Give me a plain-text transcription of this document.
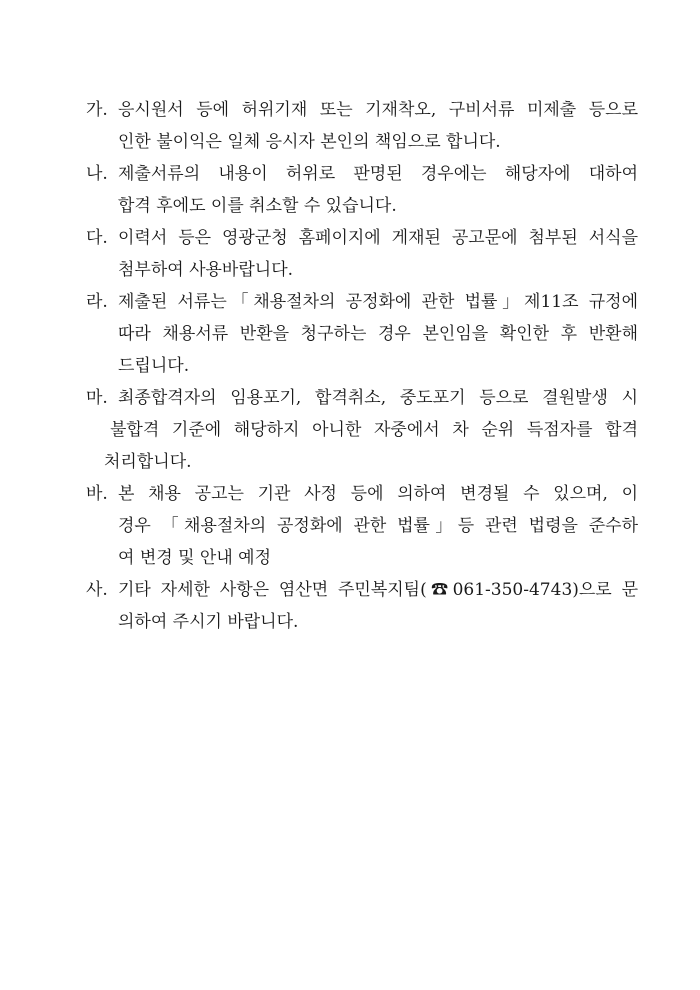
가. 응시원서 등에 허위기재 또는 기재착오, 구비서류 미제출 등으로
인한 불이익은 일체 응시자 본인의 책임으로 합니다.
나. 제출서류의 내용이 허위로 판명된 경우에는 해당자에 대하여
합격 후에도 이를 취소할 수 있습니다.
다. 이력서 등은 영광군청 홈페이지에 게재된 공고문에 첨부된 서식을
첨부하여 사용바랍니다.
라. 제출된 서류는「채용절차의 공정화에 관한 법률」제11조 규정에
따라 채용서류 반환을 청구하는 경우 본인임을 확인한 후 반환해
드립니다.
마. 최종합격자의 임용포기, 합격취소, 중도포기 등으로 결원발생 시
불합격 기준에 해당하지 아니한 자중에서 차 순위 득점자를 합격
처리합니다.
바. 본 채용 공고는 기관 사정 등에 의하여 변경될 수 있으며, 이
경우 「채용절차의 공정화에 관한 법률」등 관련 법령을 준수하
여 변경 및 안내 예정
사. 기타 자세한 사항은 염산면 주민복지팀(☎061-350-4743)으로 문
의하여 주시기 바랍니다.
